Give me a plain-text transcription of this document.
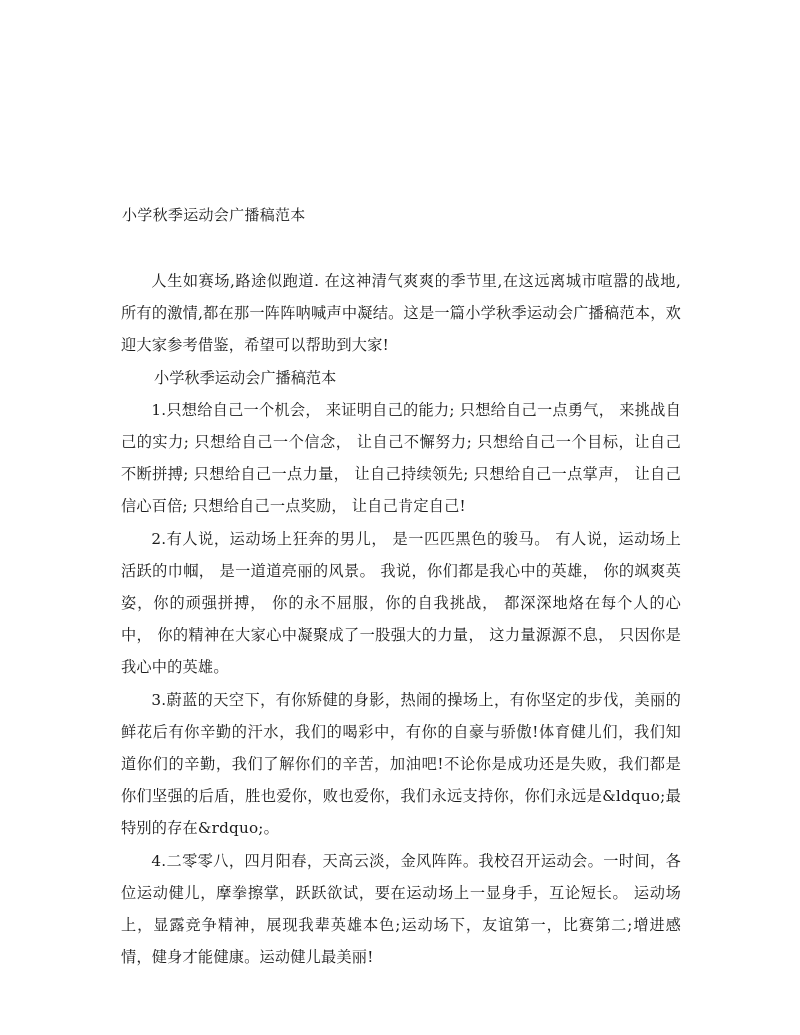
小学秋季运动会广播稿范本

人生如赛场,路途似跑道. 在这神清气爽爽的季节里,在这远离城市喧嚣的战地,所有的激情,都在那一阵阵呐喊声中凝结。这是一篇小学秋季运动会广播稿范本，欢迎大家参考借鉴，希望可以帮助到大家!

小学秋季运动会广播稿范本

1.只想给自己一个机会， 来证明自己的能力; 只想给自己一点勇气， 来挑战自己的实力; 只想给自己一个信念， 让自己不懈努力; 只想给自己一个目标，让自己不断拼搏; 只想给自己一点力量， 让自己持续领先; 只想给自己一点掌声， 让自己信心百倍; 只想给自己一点奖励， 让自己肯定自己!

2.有人说，运动场上狂奔的男儿， 是一匹匹黑色的骏马。 有人说，运动场上活跃的巾帼， 是一道道亮丽的风景。 我说，你们都是我心中的英雄， 你的飒爽英姿，你的顽强拼搏， 你的永不屈服，你的自我挑战， 都深深地烙在每个人的心中， 你的精神在大家心中凝聚成了一股强大的力量， 这力量源源不息， 只因你是我心中的英雄。

3.蔚蓝的天空下，有你矫健的身影，热闹的操场上，有你坚定的步伐，美丽的鲜花后有你辛勤的汗水，我们的喝彩中，有你的自豪与骄傲!体育健儿们，我们知道你们的辛勤，我们了解你们的辛苦，加油吧!不论你是成功还是失败，我们都是你们坚强的后盾，胜也爱你，败也爱你，我们永远支持你，你们永远是&ldquo;最特别的存在&rdquo;。

4.二零零八，四月阳春，天高云淡，金风阵阵。我校召开运动会。一时间，各位运动健儿，摩拳擦掌，跃跃欲试，要在运动场上一显身手，互论短长。 运动场上，显露竞争精神，展现我辈英雄本色;运动场下，友谊第一，比赛第二;增进感情，健身才能健康。运动健儿最美丽!
